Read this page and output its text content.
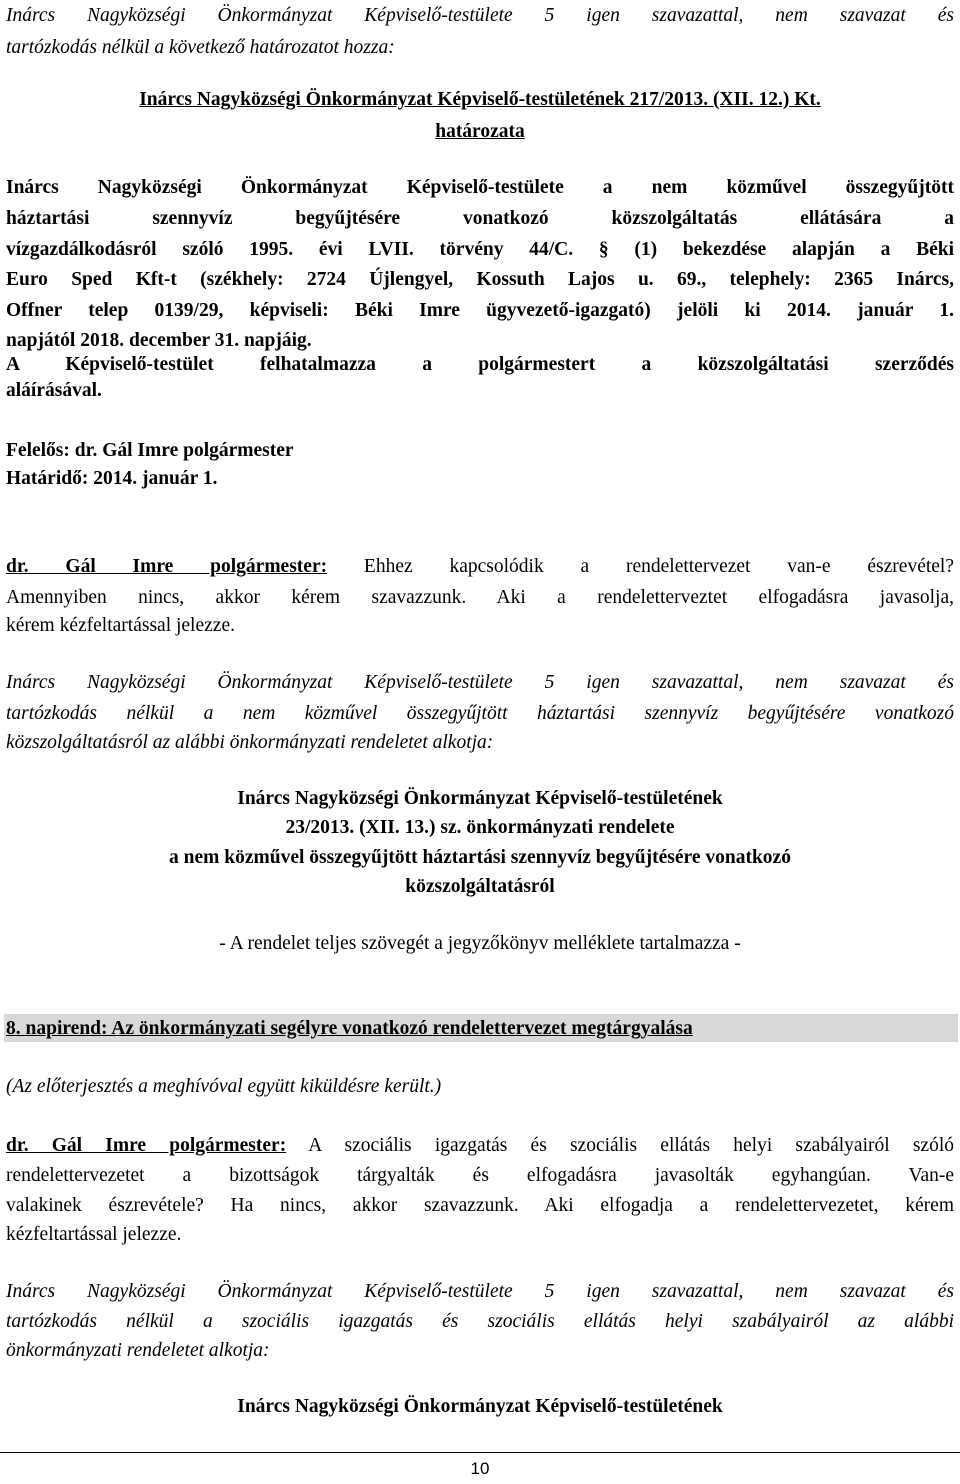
Inárcs Nagyközségi Önkormányzat Képviselő-testülete 5 igen szavazattal, nem szavazat és
tartózkodás nélkül a következő határozatot hozza:
Inárcs Nagyközségi Önkormányzat Képviselő-testületének 217/2013. (XII. 12.) Kt.
határozata
Inárcs Nagyközségi Önkormányzat Képviselő-testülete a nem közművel összegyűjtött
háztartási szennyvíz begyűjtésére vonatkozó közszolgáltatás ellátására a
vízgazdálkodásról szóló 1995. évi LVII. törvény 44/C. § (1) bekezdése alapján a Béki
Euro Sped Kft-t (székhely: 2724 Újlengyel, Kossuth Lajos u. 69., telephely: 2365 Inárcs,
Offner telep 0139/29, képviseli: Béki Imre ügyvezető-igazgató) jelöli ki 2014. január 1.
napjától 2018. december 31. napjáig.
A Képviselő-testület felhatalmazza a polgármestert a közszolgáltatási szerződés
aláírásával.
Felelős: dr. Gál Imre polgármester
Határidő: 2014. január 1.
dr. Gál Imre polgármester: Ehhez kapcsolódik a rendelettervezet van-e észrevétel?
Amennyiben nincs, akkor kérem szavazzunk. Aki a rendeletterveztet elfogadásra javasolja,
kérem kézfeltartással jelezze.
Inárcs Nagyközségi Önkormányzat Képviselő-testülete 5 igen szavazattal, nem szavazat és
tartózkodás nélkül a nem közművel összegyűjtött háztartási szennyvíz begyűjtésére vonatkozó
közszolgáltatásról az alábbi önkormányzati rendeletet alkotja:
Inárcs Nagyközségi Önkormányzat Képviselő-testületének
23/2013. (XII. 13.) sz. önkormányzati rendelete
a nem közművel összegyűjtött háztartási szennyvíz begyűjtésére vonatkozó
közszolgáltatásról
- A rendelet teljes szövegét a jegyzőkönyv melléklete tartalmazza -
8. napirend: Az önkormányzati segélyre vonatkozó rendelettervezet megtárgyalása
(Az előterjesztés a meghívóval együtt kiküldésre került.)
dr. Gál Imre polgármester: A szociális igazgatás és szociális ellátás helyi szabályairól szóló
rendelettervezetet a bizottságok tárgyalták és elfogadásra javasolták egyhangúan. Van-e
valakinek észrevétele? Ha nincs, akkor szavazzunk. Aki elfogadja a rendelettervezetet, kérem
kézfeltartással jelezze.
Inárcs Nagyközségi Önkormányzat Képviselő-testülete 5 igen szavazattal, nem szavazat és
tartózkodás nélkül a szociális igazgatás és szociális ellátás helyi szabályairól az alábbi
önkormányzati rendeletet alkotja:
Inárcs Nagyközségi Önkormányzat Képviselő-testületének
10
